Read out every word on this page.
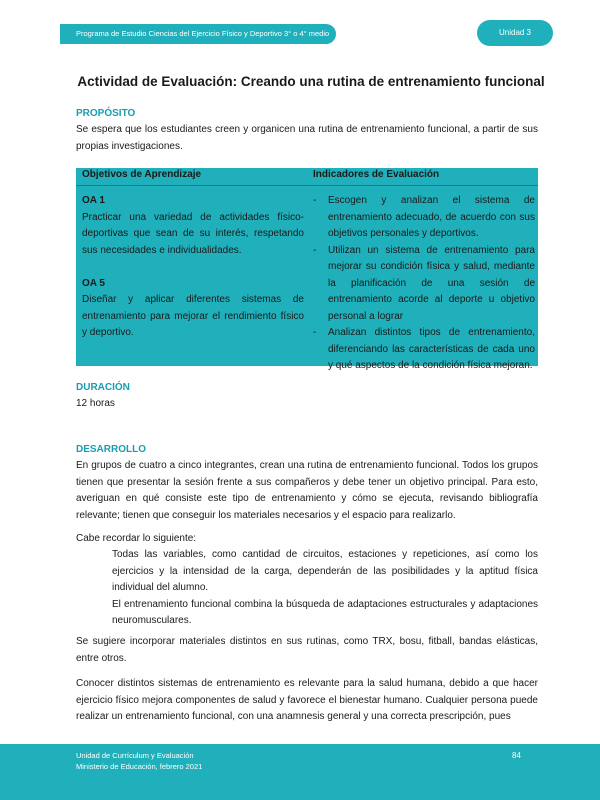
Programa de Estudio Ciencias del Ejercicio Físico y Deportivo 3° o 4° medio	Unidad 3
Actividad de Evaluación: Creando una rutina de entrenamiento funcional
PROPÓSITO

Se espera que los estudiantes creen y organicen una rutina de entrenamiento funcional, a partir de sus propias investigaciones.

Objetivos de Aprendizaje	Indicadores de Evaluación
OA 1

Practicar una variedad de actividades físico-deportivas que sean de su interés, respetando sus necesidades e individualidades.

OA 5

Diseñar y aplicar diferentes sistemas de entrenamiento para mejorar el rendimiento físico y deportivo.

- Escogen y analizan el sistema de entrenamiento adecuado, de acuerdo con sus objetivos personales y deportivos.
- Utilizan un sistema de entrenamiento para mejorar su condición física y salud, mediante la planificación de una sesión de entrenamiento acorde al deporte u objetivo personal a lograr
- Analizan distintos tipos de entrenamiento, diferenciando las características de cada uno y qué aspectos de la condición física mejoran.
DURACIÓN

12 horas

DESARROLLO

En grupos de cuatro a cinco integrantes, crean una rutina de entrenamiento funcional. Todos los grupos tienen que presentar la sesión frente a sus compañeros y debe tener un objetivo principal. Para esto, averiguan en qué consiste este tipo de entrenamiento y cómo se ejecuta, revisando bibliografía relevante; tienen que conseguir los materiales necesarios y el espacio para realizarlo.

Cabe recordar lo siguiente:

Todas las variables, como cantidad de circuitos, estaciones y repeticiones, así como los ejercicios y la intensidad de la carga, dependerán de las posibilidades y la aptitud física individual del alumno.

El entrenamiento funcional combina la búsqueda de adaptaciones estructurales y adaptaciones neuromusculares.

Se sugiere incorporar materiales distintos en sus rutinas, como TRX, bosu, fitball, bandas elásticas, entre otros.

Conocer distintos sistemas de entrenamiento es relevante para la salud humana, debido a que hacer ejercicio físico mejora componentes de salud y favorece el bienestar humano. Cualquier persona puede realizar un entrenamiento funcional, con una anamnesis general y una correcta prescripción, pues

Unidad de Currículum y Evaluación
Ministerio de Educación, febrero 2021
84
